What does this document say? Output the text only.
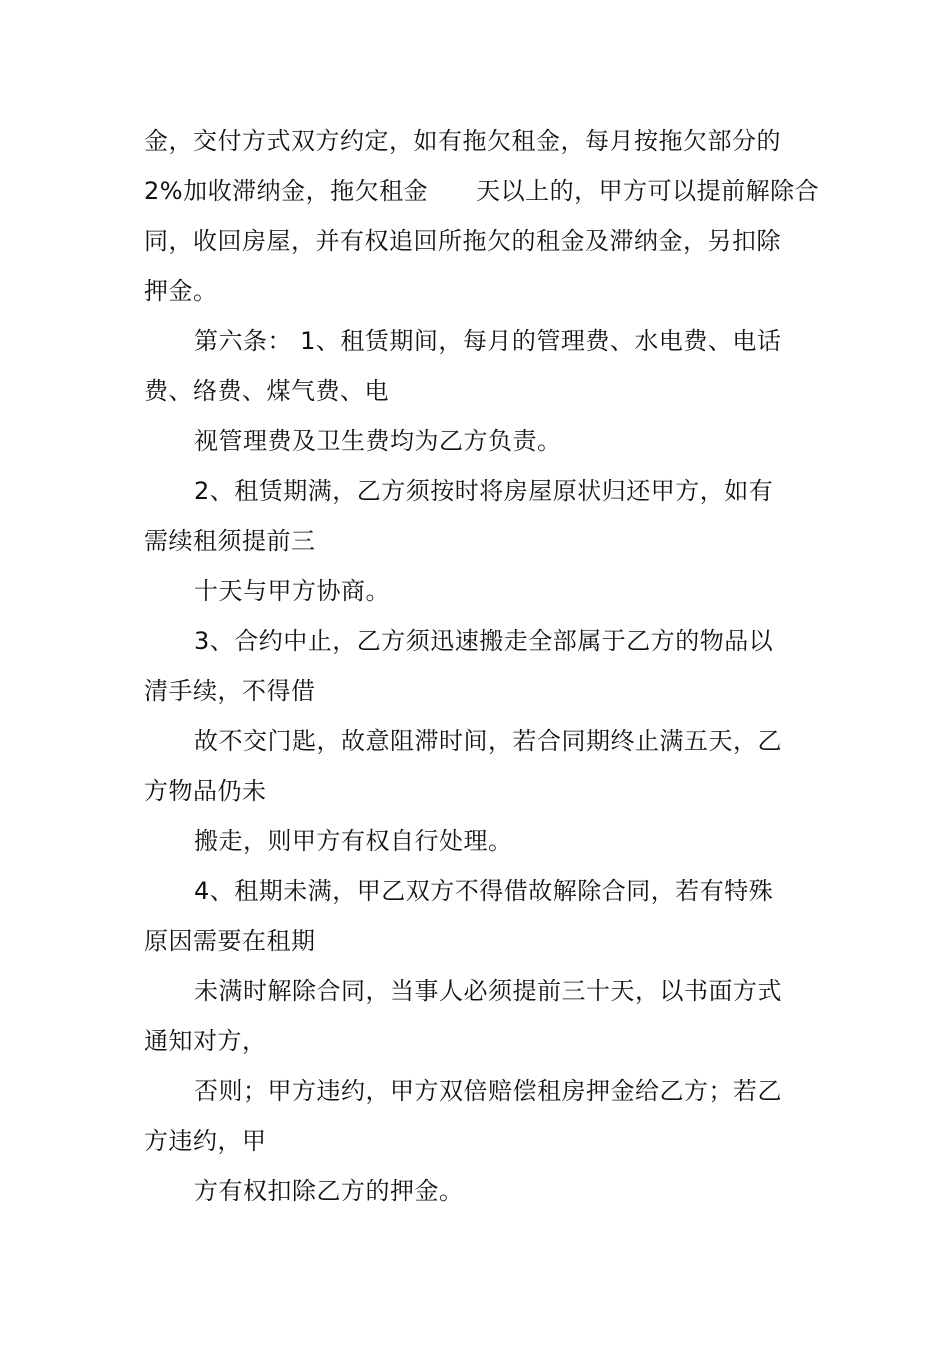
金，交付方式双方约定，如有拖欠租金，每月按拖欠部分的
2%加收滞纳金，拖欠租金 天以上的，甲方可以提前解除合
同，收回房屋，并有权追回所拖欠的租金及滞纳金，另扣除
押金。
第六条： 1、租赁期间，每月的管理费、水电费、电话
费、络费、煤气费、电
视管理费及卫生费均为乙方负责。
2、租赁期满，乙方须按时将房屋原状归还甲方，如有
需续租须提前三
十天与甲方协商。
3、合约中止，乙方须迅速搬走全部属于乙方的物品以
清手续，不得借
故不交门匙，故意阻滞时间，若合同期终止满五天，乙
方物品仍未
搬走，则甲方有权自行处理。
4、租期未满，甲乙双方不得借故解除合同，若有特殊
原因需要在租期
未满时解除合同，当事人必须提前三十天，以书面方式
通知对方，
否则；甲方违约，甲方双倍赔偿租房押金给乙方；若乙
方违约，甲
方有权扣除乙方的押金。
